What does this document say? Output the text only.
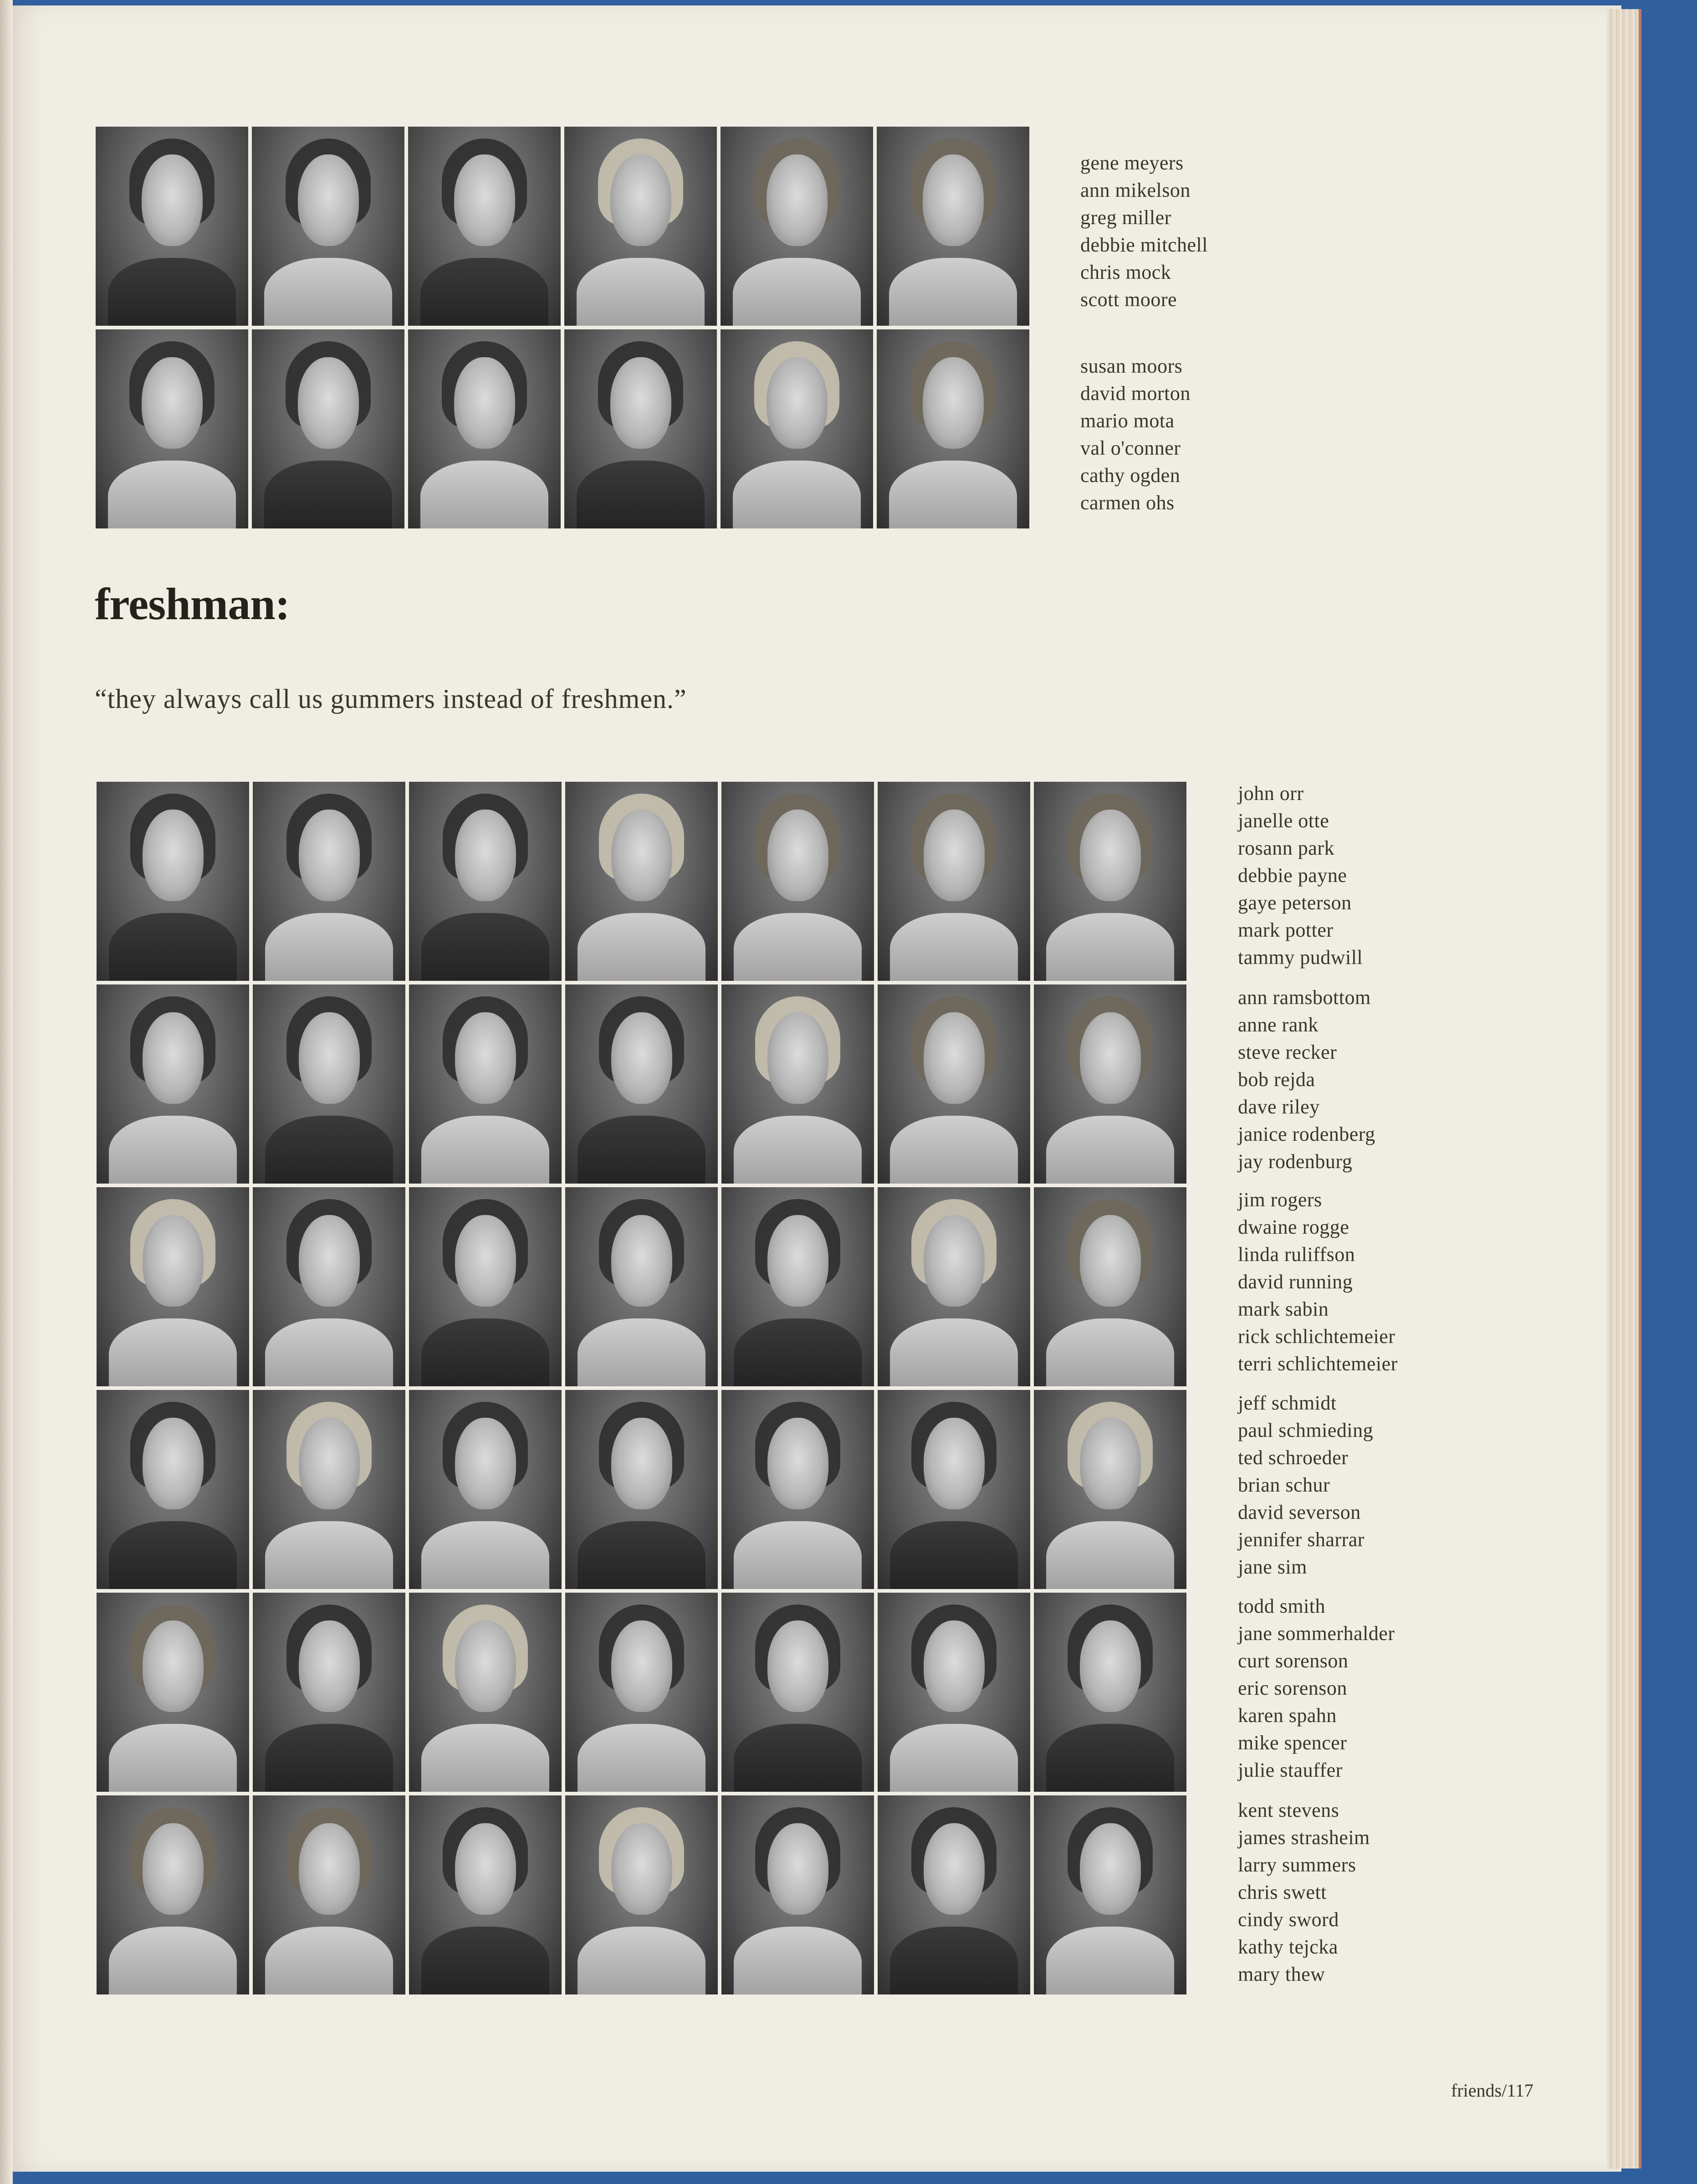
gene meyers
ann mikelson
greg miller
debbie mitchell
chris mock
scott moore
susan moors
david morton
mario mota
val o'conner
cathy ogden
carmen ohs
freshman:
“they always call us gummers instead of freshmen.”
john orr
janelle otte
rosann park
debbie payne
gaye peterson
mark potter
tammy pudwill
ann ramsbottom
anne rank
steve recker
bob rejda
dave riley
janice rodenberg
jay rodenburg
jim rogers
dwaine rogge
linda ruliffson
david running
mark sabin
rick schlichtemeier
terri schlichtemeier
jeff schmidt
paul schmieding
ted schroeder
brian schur
david severson
jennifer sharrar
jane sim
todd smith
jane sommerhalder
curt sorenson
eric sorenson
karen spahn
mike spencer
julie stauffer
kent stevens
james strasheim
larry summers
chris swett
cindy sword
kathy tejcka
mary thew
friends/117
